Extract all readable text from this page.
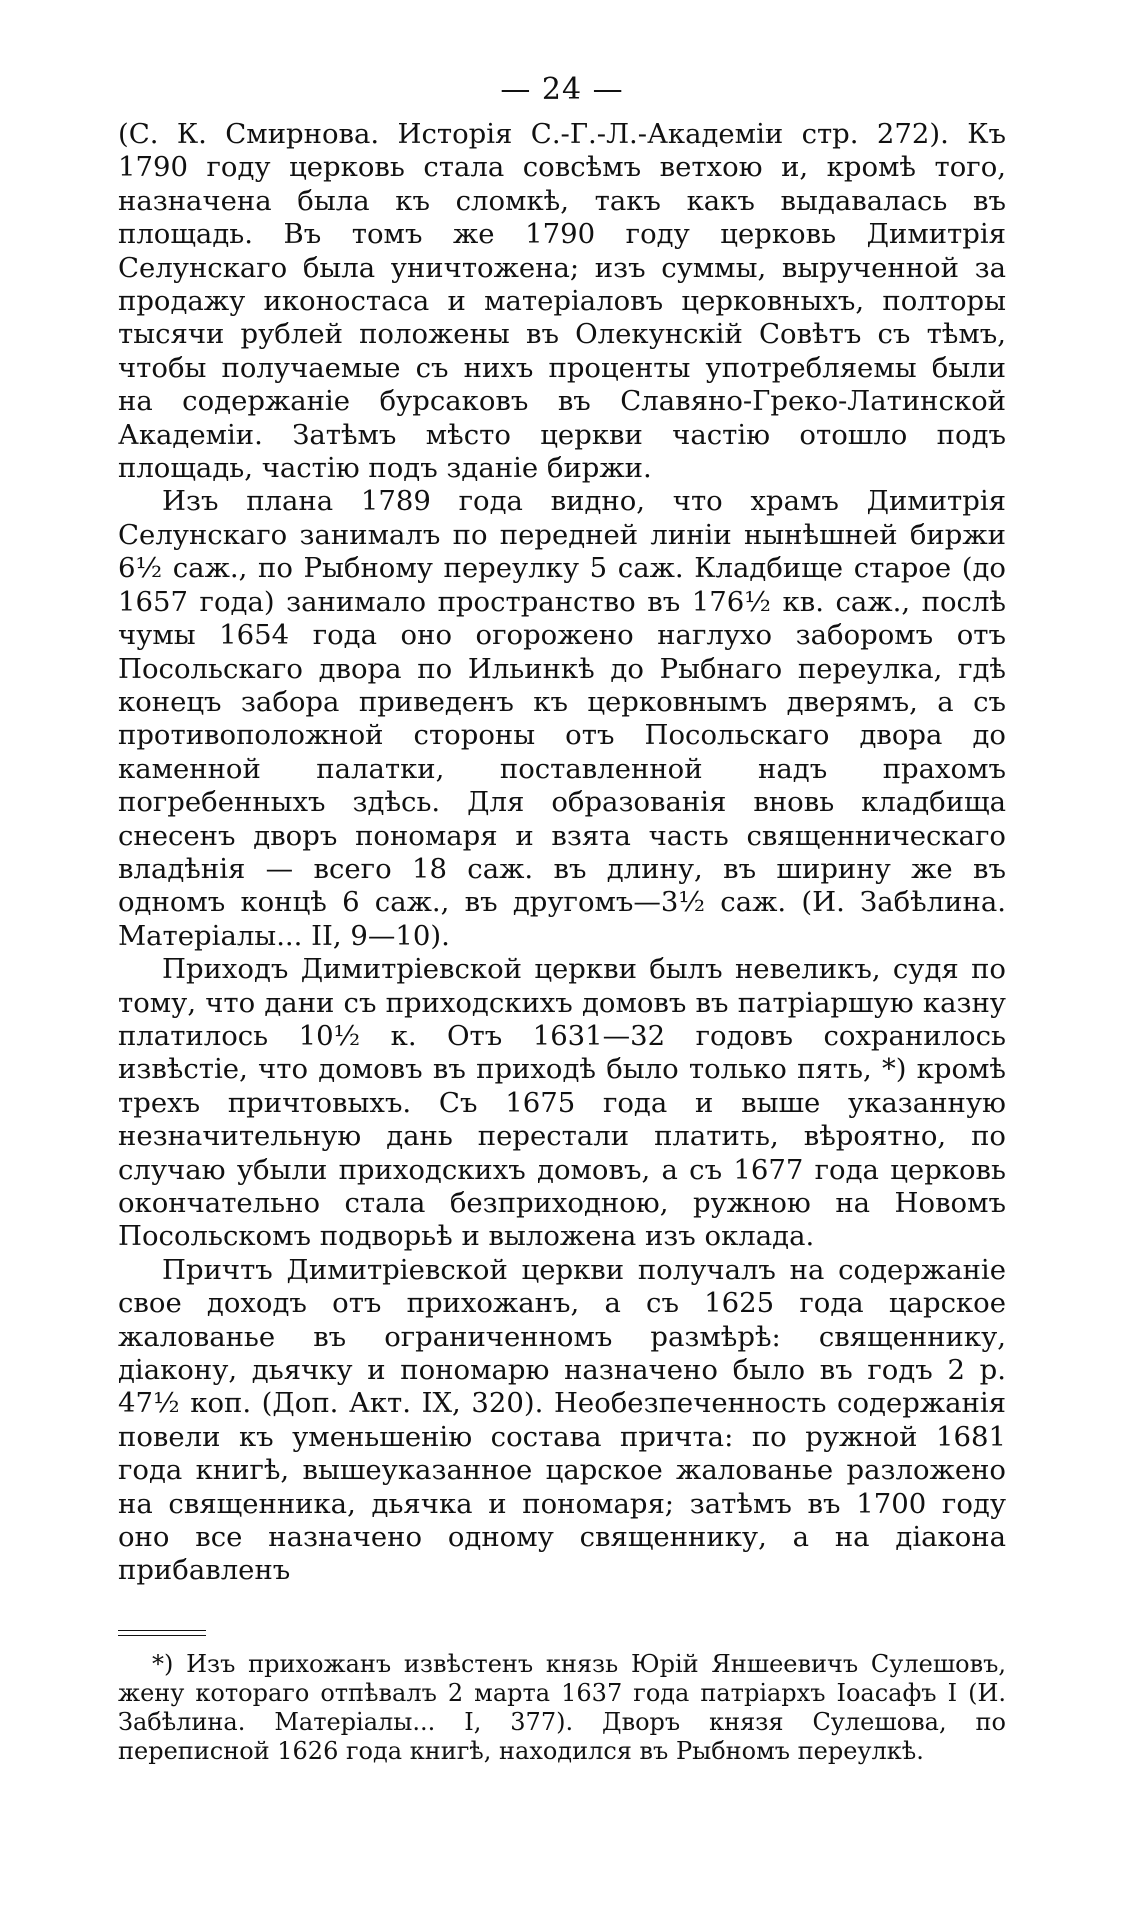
— 24 —

(С. К. Смирнова. Исторія С.-Г.-Л.-Академіи стр. 272). Къ 1790 году церковь стала совсѣмъ ветхою и, кромѣ того, назначена была къ сломкѣ, такъ какъ выдавалась въ площадь. Въ томъ же 1790 году церковь Димитрія Селунскаго была уничтожена; изъ суммы, вырученной за продажу иконостаса и матеріаловъ церковныхъ, полторы тысячи рублей положены въ Олекунскій Совѣтъ съ тѣмъ, чтобы получаемые съ нихъ проценты употребляемы были на содержаніе бурсаковъ въ Славяно-Греко-Латинской Академіи. Затѣмъ мѣсто церкви частію отошло подъ площадь, частію подъ зданіе биржи.

Изъ плана 1789 года видно, что храмъ Димитрія Селунскаго занималъ по передней линіи нынѣшней биржи 6½ саж., по Рыбному переулку 5 саж. Кладбище старое (до 1657 года) занимало пространство въ 176½ кв. саж., послѣ чумы 1654 года оно огорожено наглухо заборомъ отъ Посольскаго двора по Ильинкѣ до Рыбнаго переулка, гдѣ конецъ забора приведенъ къ церковнымъ дверямъ, а съ противоположной стороны отъ Посольскаго двора до каменной палатки, поставленной надъ прахомъ погребенныхъ здѣсь. Для образованія вновь кладбища снесенъ дворъ пономаря и взята часть священническаго владѣнія — всего 18 саж. въ длину, въ ширину же въ одномъ концѣ 6 саж., въ другомъ—3½ саж. (И. Забѣлина. Матеріалы... II, 9—10).

Приходъ Димитріевской церкви былъ невеликъ, судя по тому, что дани съ приходскихъ домовъ въ патріаршую казну платилось 10½ к. Отъ 1631—32 годовъ сохранилось извѣстіе, что домовъ въ приходѣ было только пять, *) кромѣ трехъ причтовыхъ. Съ 1675 года и выше указанную незначительную дань перестали платить, вѣроятно, по случаю убыли приходскихъ домовъ, а съ 1677 года церковь окончательно стала безприходною, ружною на Новомъ Посольскомъ подворьѣ и выложена изъ оклада.

Причтъ Димитріевской церкви получалъ на содержаніе свое доходъ отъ прихожанъ, а съ 1625 года царское жалованье въ ограниченномъ размѣрѣ: священнику, діакону, дьячку и пономарю назначено было въ годъ 2 р. 47½ коп. (Доп. Акт. IX, 320). Необезпеченность содержанія повели къ уменьшенію состава причта: по ружной 1681 года книгѣ, вышеуказанное царское жалованье разложено на священника, дьячка и пономаря; затѣмъ въ 1700 году оно все назначено одному священнику, а на діакона прибавленъ

*) Изъ прихожанъ извѣстенъ князь Юрій Яншеевичъ Сулешовъ, жену котораго отпѣвалъ 2 марта 1637 года патріархъ Іоасафъ I (И. Забѣлина. Матеріалы... I, 377). Дворъ князя Сулешова, по переписной 1626 года книгѣ, находился въ Рыбномъ переулкѣ.
